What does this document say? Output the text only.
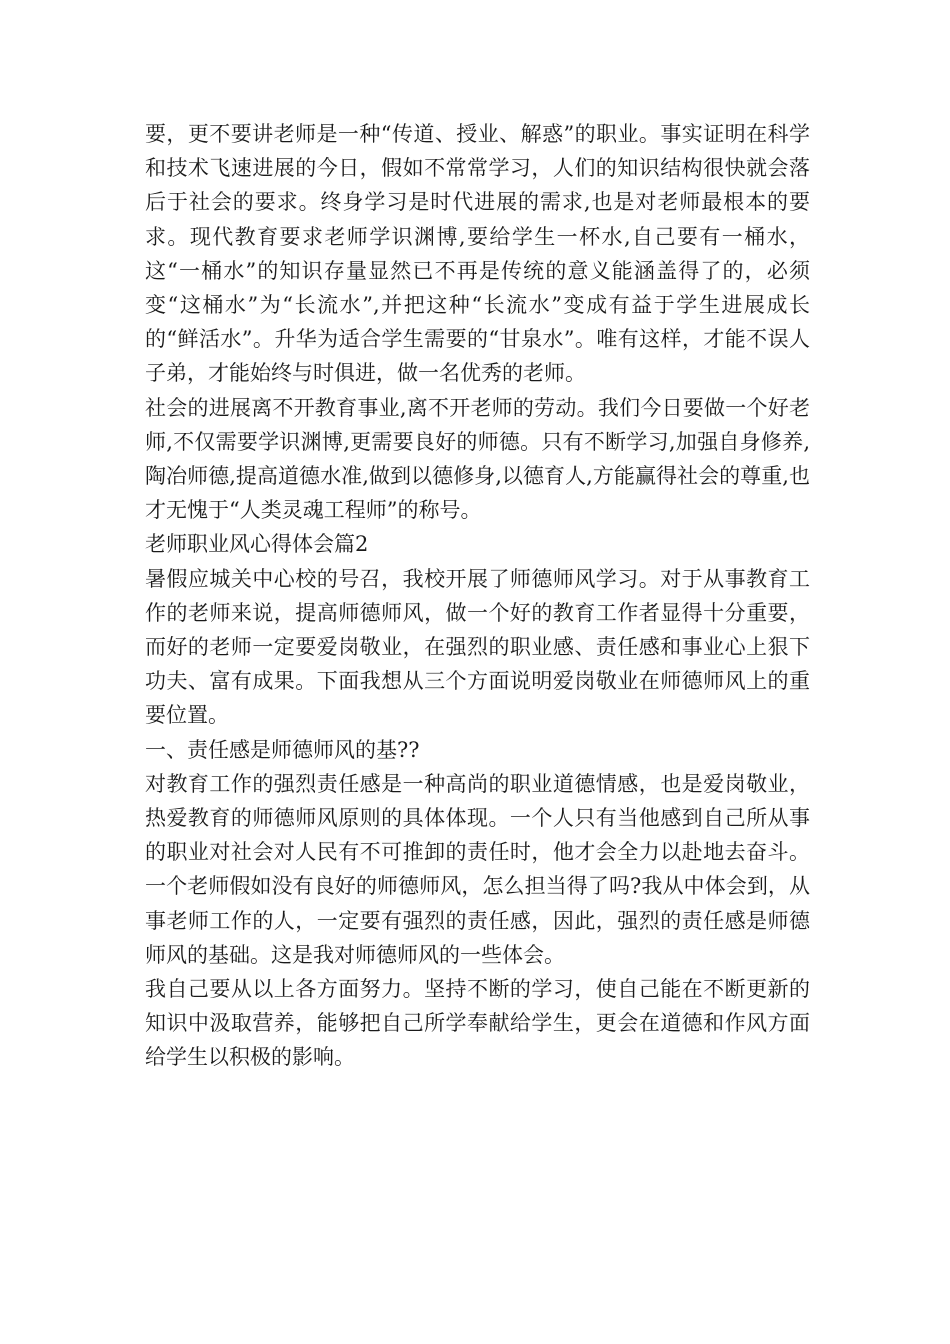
要，更不要讲老师是一种“传道、授业、解惑”的职业。事实证明在科学和技术飞速进展的今日，假如不常常学习，人们的知识结构很快就会落后于社会的要求。终身学习是时代进展的需求,也是对老师最根本的要求。现代教育要求老师学识渊博,要给学生一杯水,自己要有一桶水，这“一桶水”的知识存量显然已不再是传统的意义能涵盖得了的，必须变“这桶水”为“长流水”,并把这种“长流水”变成有益于学生进展成长的“鲜活水”。升华为适合学生需要的“甘泉水”。唯有这样，才能不误人子弟，才能始终与时俱进，做一名优秀的老师。

社会的进展离不开教育事业,离不开老师的劳动。我们今日要做一个好老师,不仅需要学识渊博,更需要良好的师德。只有不断学习,加强自身修养,陶冶师德,提高道德水准,做到以德修身,以德育人,方能赢得社会的尊重,也才无愧于“人类灵魂工程师”的称号。

老师职业风心得体会篇2

暑假应城关中心校的号召，我校开展了师德师风学习。对于从事教育工作的老师来说，提高师德师风，做一个好的教育工作者显得十分重要，而好的老师一定要爱岗敬业，在强烈的职业感、责任感和事业心上狠下功夫、富有成果。下面我想从三个方面说明爱岗敬业在师德师风上的重要位置。

一、责任感是师德师风的基??

对教育工作的强烈责任感是一种高尚的职业道德情感，也是爱岗敬业，热爱教育的师德师风原则的具体体现。一个人只有当他感到自己所从事的职业对社会对人民有不可推卸的责任时，他才会全力以赴地去奋斗。一个老师假如没有良好的师德师风，怎么担当得了吗?我从中体会到，从事老师工作的人，一定要有强烈的责任感，因此，强烈的责任感是师德师风的基础。这是我对师德师风的一些体会。

我自己要从以上各方面努力。坚持不断的学习，使自己能在不断更新的知识中汲取营养，能够把自己所学奉献给学生，更会在道德和作风方面给学生以积极的影响。
